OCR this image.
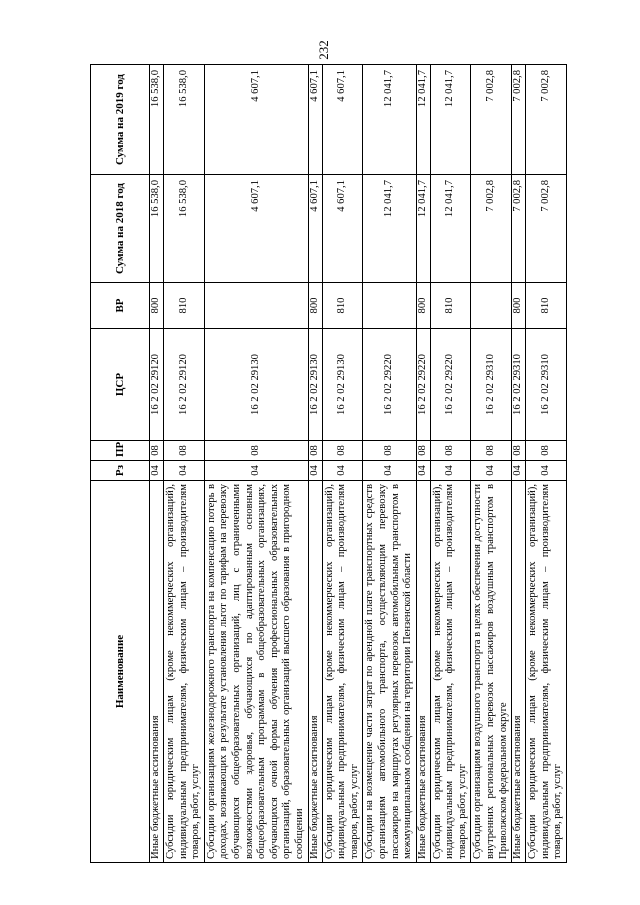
232
Наименование	Рз	ПР	ЦСР	ВР	Сумма на 2018 год	Сумма на 2019 год
Иные бюджетные ассигнования	04	08	16 2 02 29120	800	16 538,0	16 538,0
Субсидии юридическим лицам (кроме некоммерческих организаций), индивидуальным предпринимателям, физическим лицам – производителям товаров, работ, услуг	04	08	16 2 02 29120	810	16 538,0	16 538,0
Субсидии организациям железнодорожного транспорта на компенсацию потерь в доходах, возникающих в результате установления льгот по тарифам на перевозку обучающихся общеобразовательных организаций, лиц с ограниченными возможностями здоровья, обучающихся по адаптированным основным общеобразовательным программам в общеобразовательных организациях, обучающихся очной формы обучения профессиональных образовательных организаций, образовательных организаций высшего образования в пригородном сообщении	04	08	16 2 02 29130		4 607,1	4 607,1
Иные бюджетные ассигнования	04	08	16 2 02 29130	800	4 607,1	4 607,1
Субсидии юридическим лицам (кроме некоммерческих организаций), индивидуальным предпринимателям, физическим лицам – производителям товаров, работ, услуг	04	08	16 2 02 29130	810	4 607,1	4 607,1
Субсидии на возмещение части затрат по арендной плате транспортных средств организациям автомобильного транспорта, осуществляющим перевозку пассажиров на маршрутах регулярных перевозок автомобильным транспортом в межмуниципальном сообщении на территории Пензенской области	04	08	16 2 02 29220		12 041,7	12 041,7
Иные бюджетные ассигнования	04	08	16 2 02 29220	800	12 041,7	12 041,7
Субсидии юридическим лицам (кроме некоммерческих организаций), индивидуальным предпринимателям, физическим лицам – производителям товаров, работ, услуг	04	08	16 2 02 29220	810	12 041,7	12 041,7
Субсидии организациям воздушного транспорта в целях обеспечения доступности внутренних региональных перевозок пассажиров воздушным транспортом в Приволжском федеральном округе	04	08	16 2 02 29310		7 002,8	7 002,8
Иные бюджетные ассигнования	04	08	16 2 02 29310	800	7 002,8	7 002,8
Субсидии юридическим лицам (кроме некоммерческих организаций), индивидуальным предпринимателям, физическим лицам – производителям товаров, работ, услуг	04	08	16 2 02 29310	810	7 002,8	7 002,8
